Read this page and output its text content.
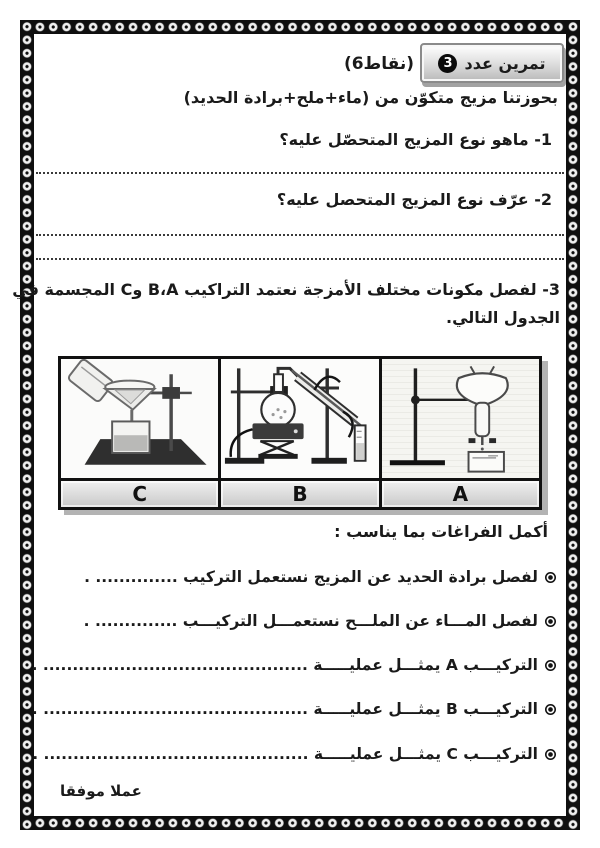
تمرين عدد
3
(6نقاط)
بحوزتنا مزيج متكوّن من (ماء+ملح+برادة الحديد)
1- ماهو نوع المزيج المتحصّل عليه؟
2- عرّف نوع المزيج المتحصل عليه؟
3- لفصل مكونات مختلف الأمزجة نعتمد التراكيب A‏،‏B وC المجسمة في
الجدول التالي.
A
B
C
أكمل الفراغات بما يناسب :
لفصل برادة الحديد عن المزيج نستعمل التركيب .............. .
لفصل المـــاء عن الملـــح نستعمـــل التركيـــب .............. .
التركيـــب A يمثـــل عمليـــــة ............................................. .
التركيـــب B يمثـــل عمليـــــة ............................................. .
التركيـــب C يمثـــل عمليـــــة ............................................. .
عملا موفقا
